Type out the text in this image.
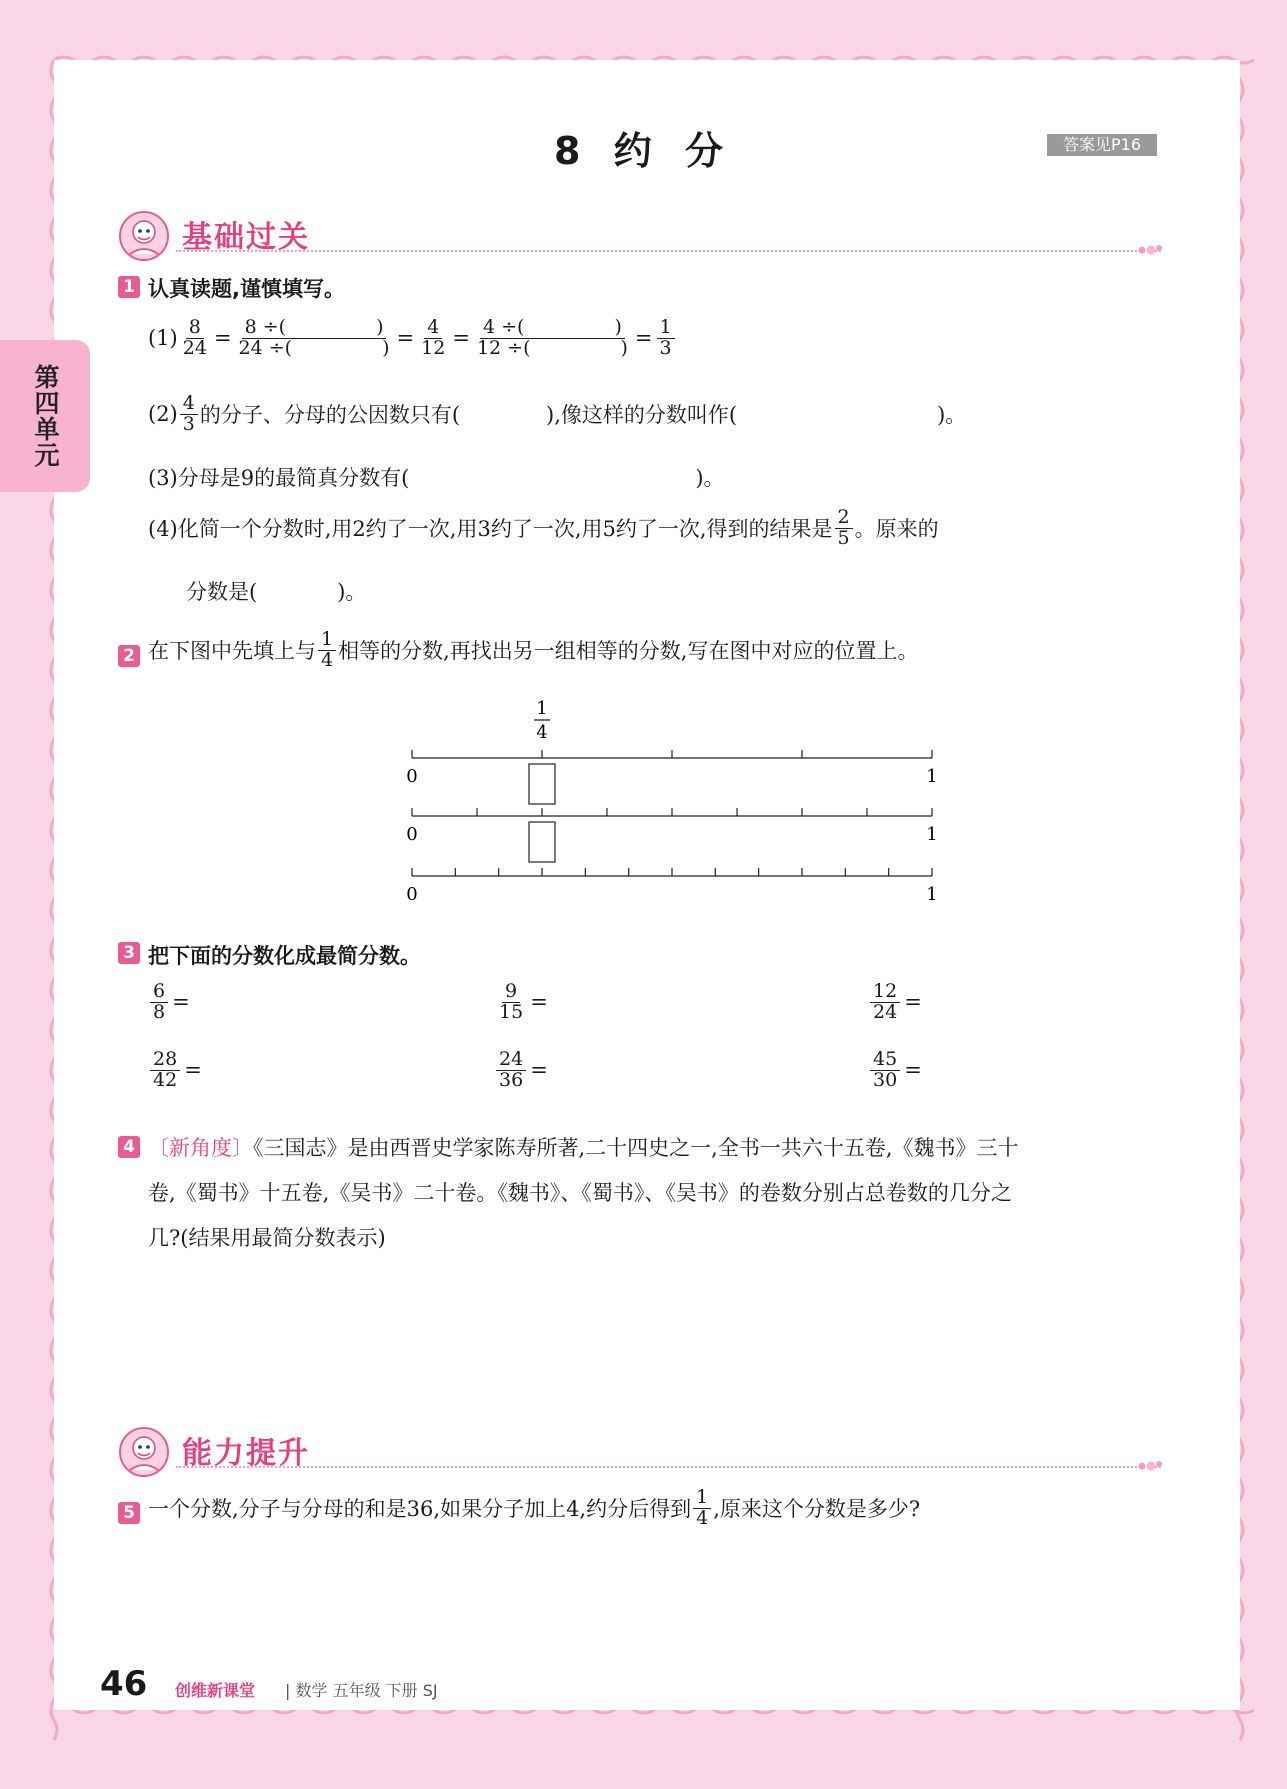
第四单元
8 约 分	答案见P16
基础过关
1 认真读题,谨慎填写。
$(1) \frac{8}{24} = 8$ ÷(	)
24 ÷(	) = $\frac{4}{12} = 4$ ÷(	)
12 ÷(	) = $\frac{1}{3}$
$(2) \frac{4}{3}$ 的分子、分母的公因数只有(	),像这样的分数叫作(	)。
(3)分母是9的最简真分数有(	)。
(4)化简一个分数时,用2约了一次,用3约了一次,用5约了一次,得到的结果是 $\frac{2}{5}$ 。原来的
分数是(	)。
2 在下图中先填上与 $\frac{1}{4}$ 相等的分数,再找出另一组相等的分数,写在图中对应的位置上。
1
4
0	1
0	1
0	1
3 把下面的分数化成最简分数。
$\frac{6}{8}$ =	$\frac{9}{15}$ =	$\frac{12}{24}$ =
$\frac{28}{42}$ =	$\frac{24}{36}$ =	$\frac{45}{30}$ =
4 〔新角度〕《三国志》是由西晋史学家陈寿所著,二十四史之一,全书一共六十五卷,《魏书》三十
卷,《蜀书》十五卷,《吴书》二十卷。《魏书》、《蜀书》、《吴书》的卷数分别占总卷数的几分之
几?(结果用最简分数表示)
能力提升
5 一个分数,分子与分母的和是36,如果分子加上4,约分后得到 $\frac{1}{4}$ ,原来这个分数是多少?
46 创维新课堂 | 数学 五年级 下册 SJ
